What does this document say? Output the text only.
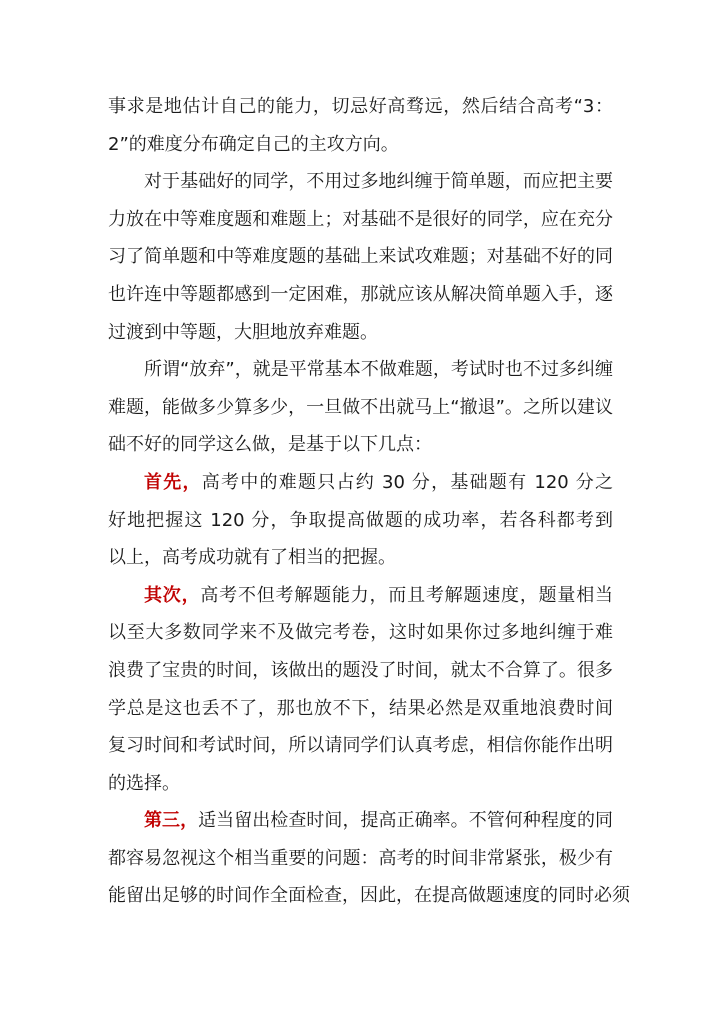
事求是地估计自己的能力，切忌好高骛远，然后结合高考“3：
2”的难度分布确定自己的主攻方向。
对于基础好的同学，不用过多地纠缠于简单题，而应把主要
力放在中等难度题和难题上；对基础不是很好的同学，应在充分
习了简单题和中等难度题的基础上来试攻难题；对基础不好的同
也许连中等题都感到一定困难，那就应该从解决简单题入手，逐
过渡到中等题，大胆地放弃难题。
所谓“放弃”，就是平常基本不做难题，考试时也不过多纠缠
难题，能做多少算多少，一旦做不出就马上“撤退”。之所以建议
础不好的同学这么做，是基于以下几点：
首先，高考中的难题只占约 30 分，基础题有 120 分之
好地把握这 120 分，争取提高做题的成功率，若各科都考到
以上，高考成功就有了相当的把握。
其次，高考不但考解题能力，而且考解题速度，题量相当
以至大多数同学来不及做完考卷，这时如果你过多地纠缠于难
浪费了宝贵的时间，该做出的题没了时间，就太不合算了。很多
学总是这也丢不了，那也放不下，结果必然是双重地浪费时间
复习时间和考试时间，所以请同学们认真考虑，相信你能作出明
的选择。
第三，适当留出检查时间，提高正确率。不管何种程度的同
都容易忽视这个相当重要的问题：高考的时间非常紧张，极少有
能留出足够的时间作全面检查，因此，在提高做题速度的同时必须
